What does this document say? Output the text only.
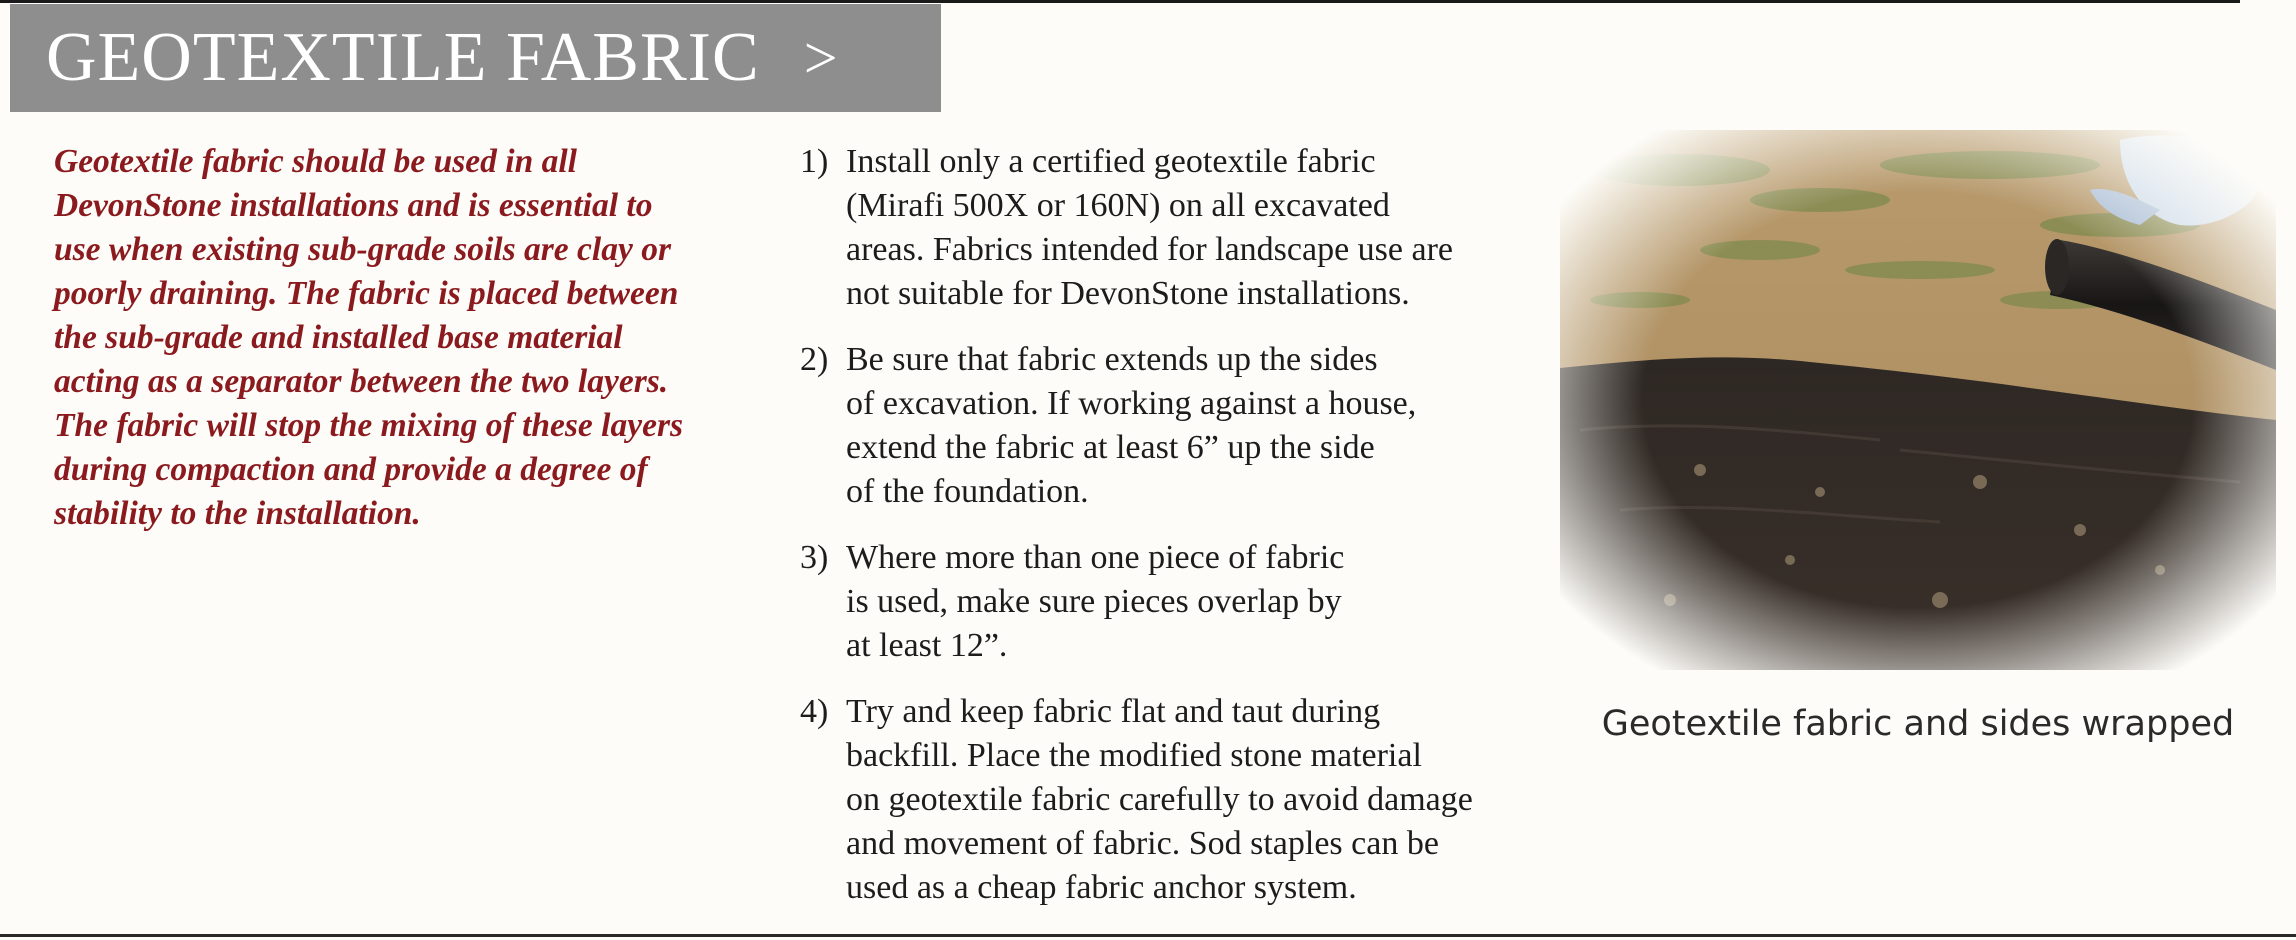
GEOTEXTILE FABRIC >

Geotextile fabric should be used in all
DevonStone installations and is essential to
use when existing sub-grade soils are clay or
poorly draining. The fabric is placed between
the sub-grade and installed base material
acting as a separator between the two layers.
The fabric will stop the mixing of these layers
during compaction and provide a degree of
stability to the installation.

1) Install only a certified geotextile fabric
(Mirafi 500X or 160N) on all excavated
areas. Fabrics intended for landscape use are
not suitable for DevonStone installations.
2) Be sure that fabric extends up the sides
of excavation. If working against a house,
extend the fabric at least 6” up the side
of the foundation.
3) Where more than one piece of fabric
is used, make sure pieces overlap by
at least 12”.
4) Try and keep fabric flat and taut during
backfill. Place the modified stone material
on geotextile fabric carefully to avoid damage
and movement of fabric. Sod staples can be
used as a cheap fabric anchor system.
Geotextile fabric and sides wrapped
